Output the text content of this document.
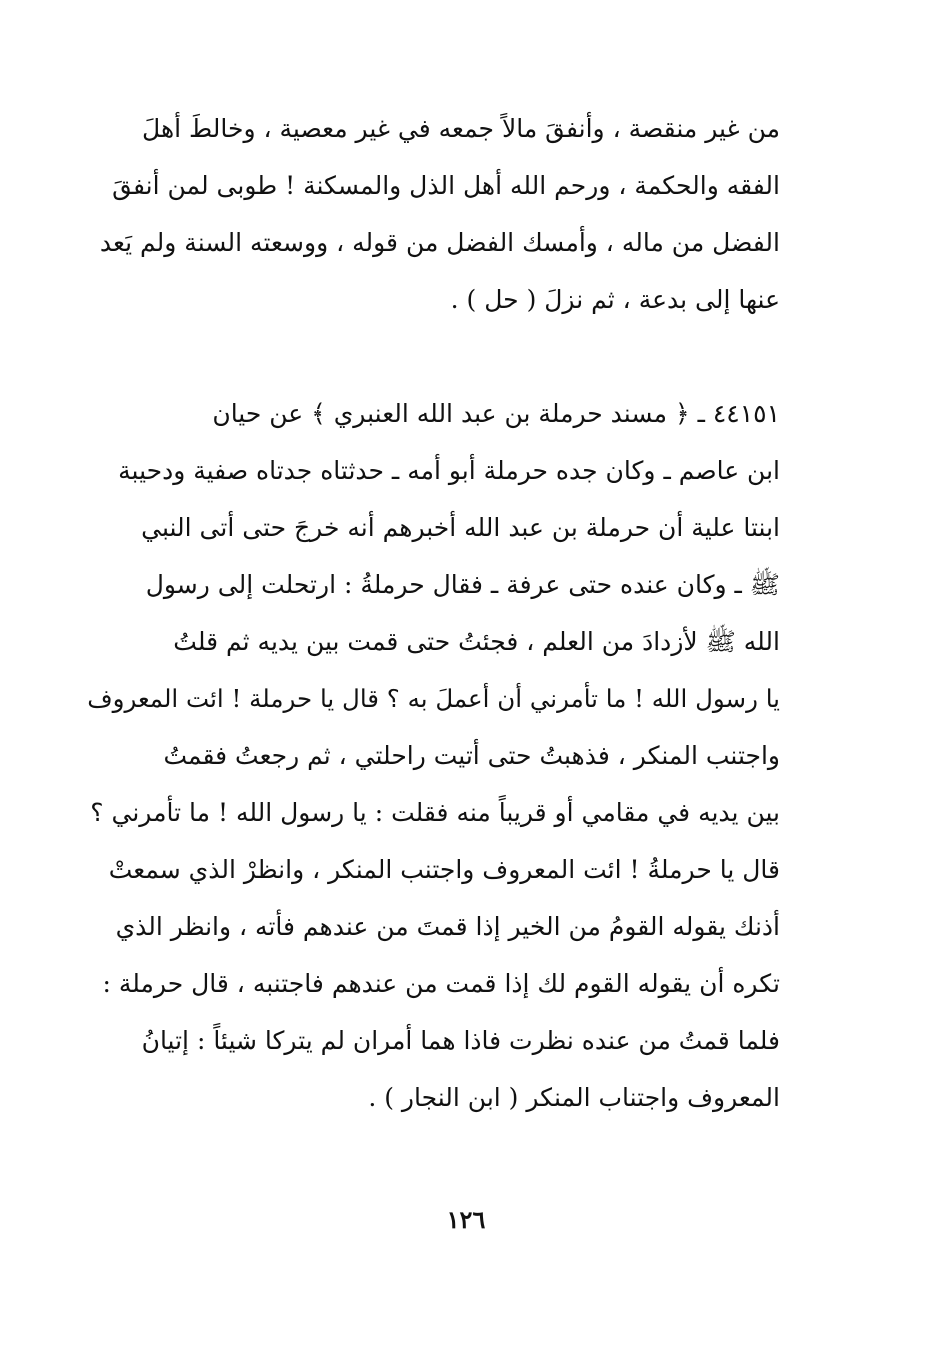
من غير منقصة ، وأنفقَ مالاً جمعه في غير معصية ، وخالطَ أهلَ
الفقه والحكمة ، ورحم الله أهل الذل والمسكنة ! طوبى لمن أنفقَ
الفضل من ماله ، وأمسك الفضل من قوله ، ووسعته السنة ولم يَعد
عنها إلى بدعة ، ثم نزلَ ( حل ) .
٤٤١٥١ ـ ﴿ مسند حرملة بن عبد الله العنبري ﴾ عن حيان
ابن عاصم ـ وكان جده حرملة أبو أمه ـ حدثتاه جدتاه صفية ودحيبة
ابنتا علية أن حرملة بن عبد الله أخبرهم أنه خرجَ حتى أتى النبي
ﷺ ـ وكان عنده حتى عرفة ـ فقال حرملةُ : ارتحلت إلى رسول
الله ﷺ لأزدادَ من العلم ، فجئتُ حتى قمت بين يديه ثم قلتُ
يا رسول الله ! ما تأمرني أن أعملَ به ؟ قال يا حرملة ! ائت المعروف
واجتنب المنكر ، فذهبتُ حتى أتيت راحلتي ، ثم رجعتُ فقمتُ
بين يديه في مقامي أو قريباً منه فقلت : يا رسول الله ! ما تأمرني ؟
قال يا حرملةُ ! ائت المعروف واجتنب المنكر ، وانظرْ الذي سمعتْ
أذنك يقوله القومُ من الخير إذا قمتَ من عندهم فأته ، وانظر الذي
تكره أن يقوله القوم لك إذا قمت من عندهم فاجتنبه ، قال حرملة :
فلما قمتُ من عنده نظرت فاذا هما أمران لم يتركا شيئاً : إتيانُ
المعروف واجتناب المنكر ( ابن النجار ) .
١٢٦
